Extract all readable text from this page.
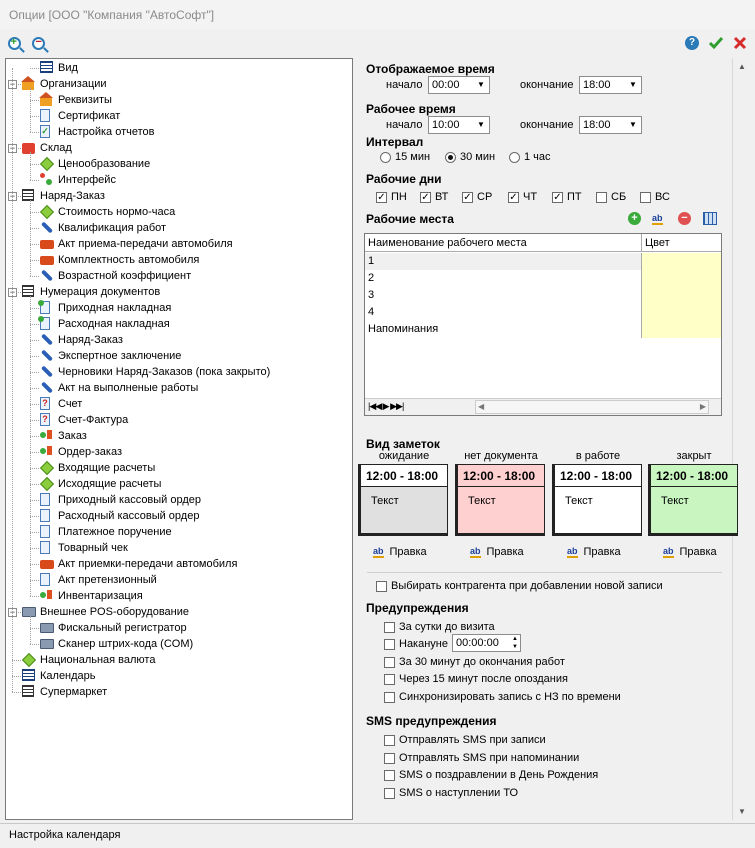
Опции [ООО "Компания "АвтоСофт"]
+ −	?
Вид
Организации
−
Реквизиты
Сертификат
✓ Настройка отчетов
Склад
−
Ценообразование
Интерфейс
Наряд-Заказ
−
Стоимость нормо-часа
Квалификация работ
Акт приема-передачи автомобиля
Комплектность автомобиля
Возрастной коэффициент
Нумерация документов
−
Приходная накладная
Расходная накладная
Наряд-Заказ
Экспертное заключение
Черновики Наряд-Заказов (пока закрыто)
Акт на выполненые работы
? Счет
? Счет-Фактура
Заказ
Ордер-заказ
Входящие расчеты
Исходящие расчеты
Приходный кассовый ордер
Расходный кассовый ордер
Платежное поручение
Товарный чек
Акт приемки-передачи автомобиля
Акт претензионный
Инвентаризация
Внешнее POS-оборудование
−
Фискальный регистратор
Сканер штрих-кода (COM)
Национальная валюта
Календарь
Супермаркет
▲
▼
Отображаемое время
начало 00:00 ▼	окончание 18:00 ▼
Рабочее время
начало 10:00 ▼	окончание 18:00 ▼
Интервал
15 мин	30 мин	1 час
Рабочие дни
✓ ПН ✓ ВТ ✓ СР ✓ ЧТ ✓ ПТ	СБ	ВС
Рабочие места	+	ab −
Наименование рабочего места	Цвет
|◀◀ ▶ ▶▶|	◀	▶
1
2
3
4
Напоминания
Вид заметок
ожидание
12:00 - 18:00
Текст
ab Правка
нет документа
12:00 - 18:00
Текст
ab Правка
в работе
12:00 - 18:00
Текст
ab Правка
закрыт
12:00 - 18:00
Текст
ab Правка
Выбирать контрагента при добавлении новой записи
Предупреждения
За сутки до визита
Накануне
За 30 минут до окончания работ
Через 15 минут после опоздания
Синхронизировать запись с НЗ по времени
00:00:00 ▲
▼
SMS предупреждения
Отправлять SMS при записи
Отправлять SMS при напоминании
SMS о поздравлении в День Рождения
SMS о наступлении ТО
Настройка календаря
